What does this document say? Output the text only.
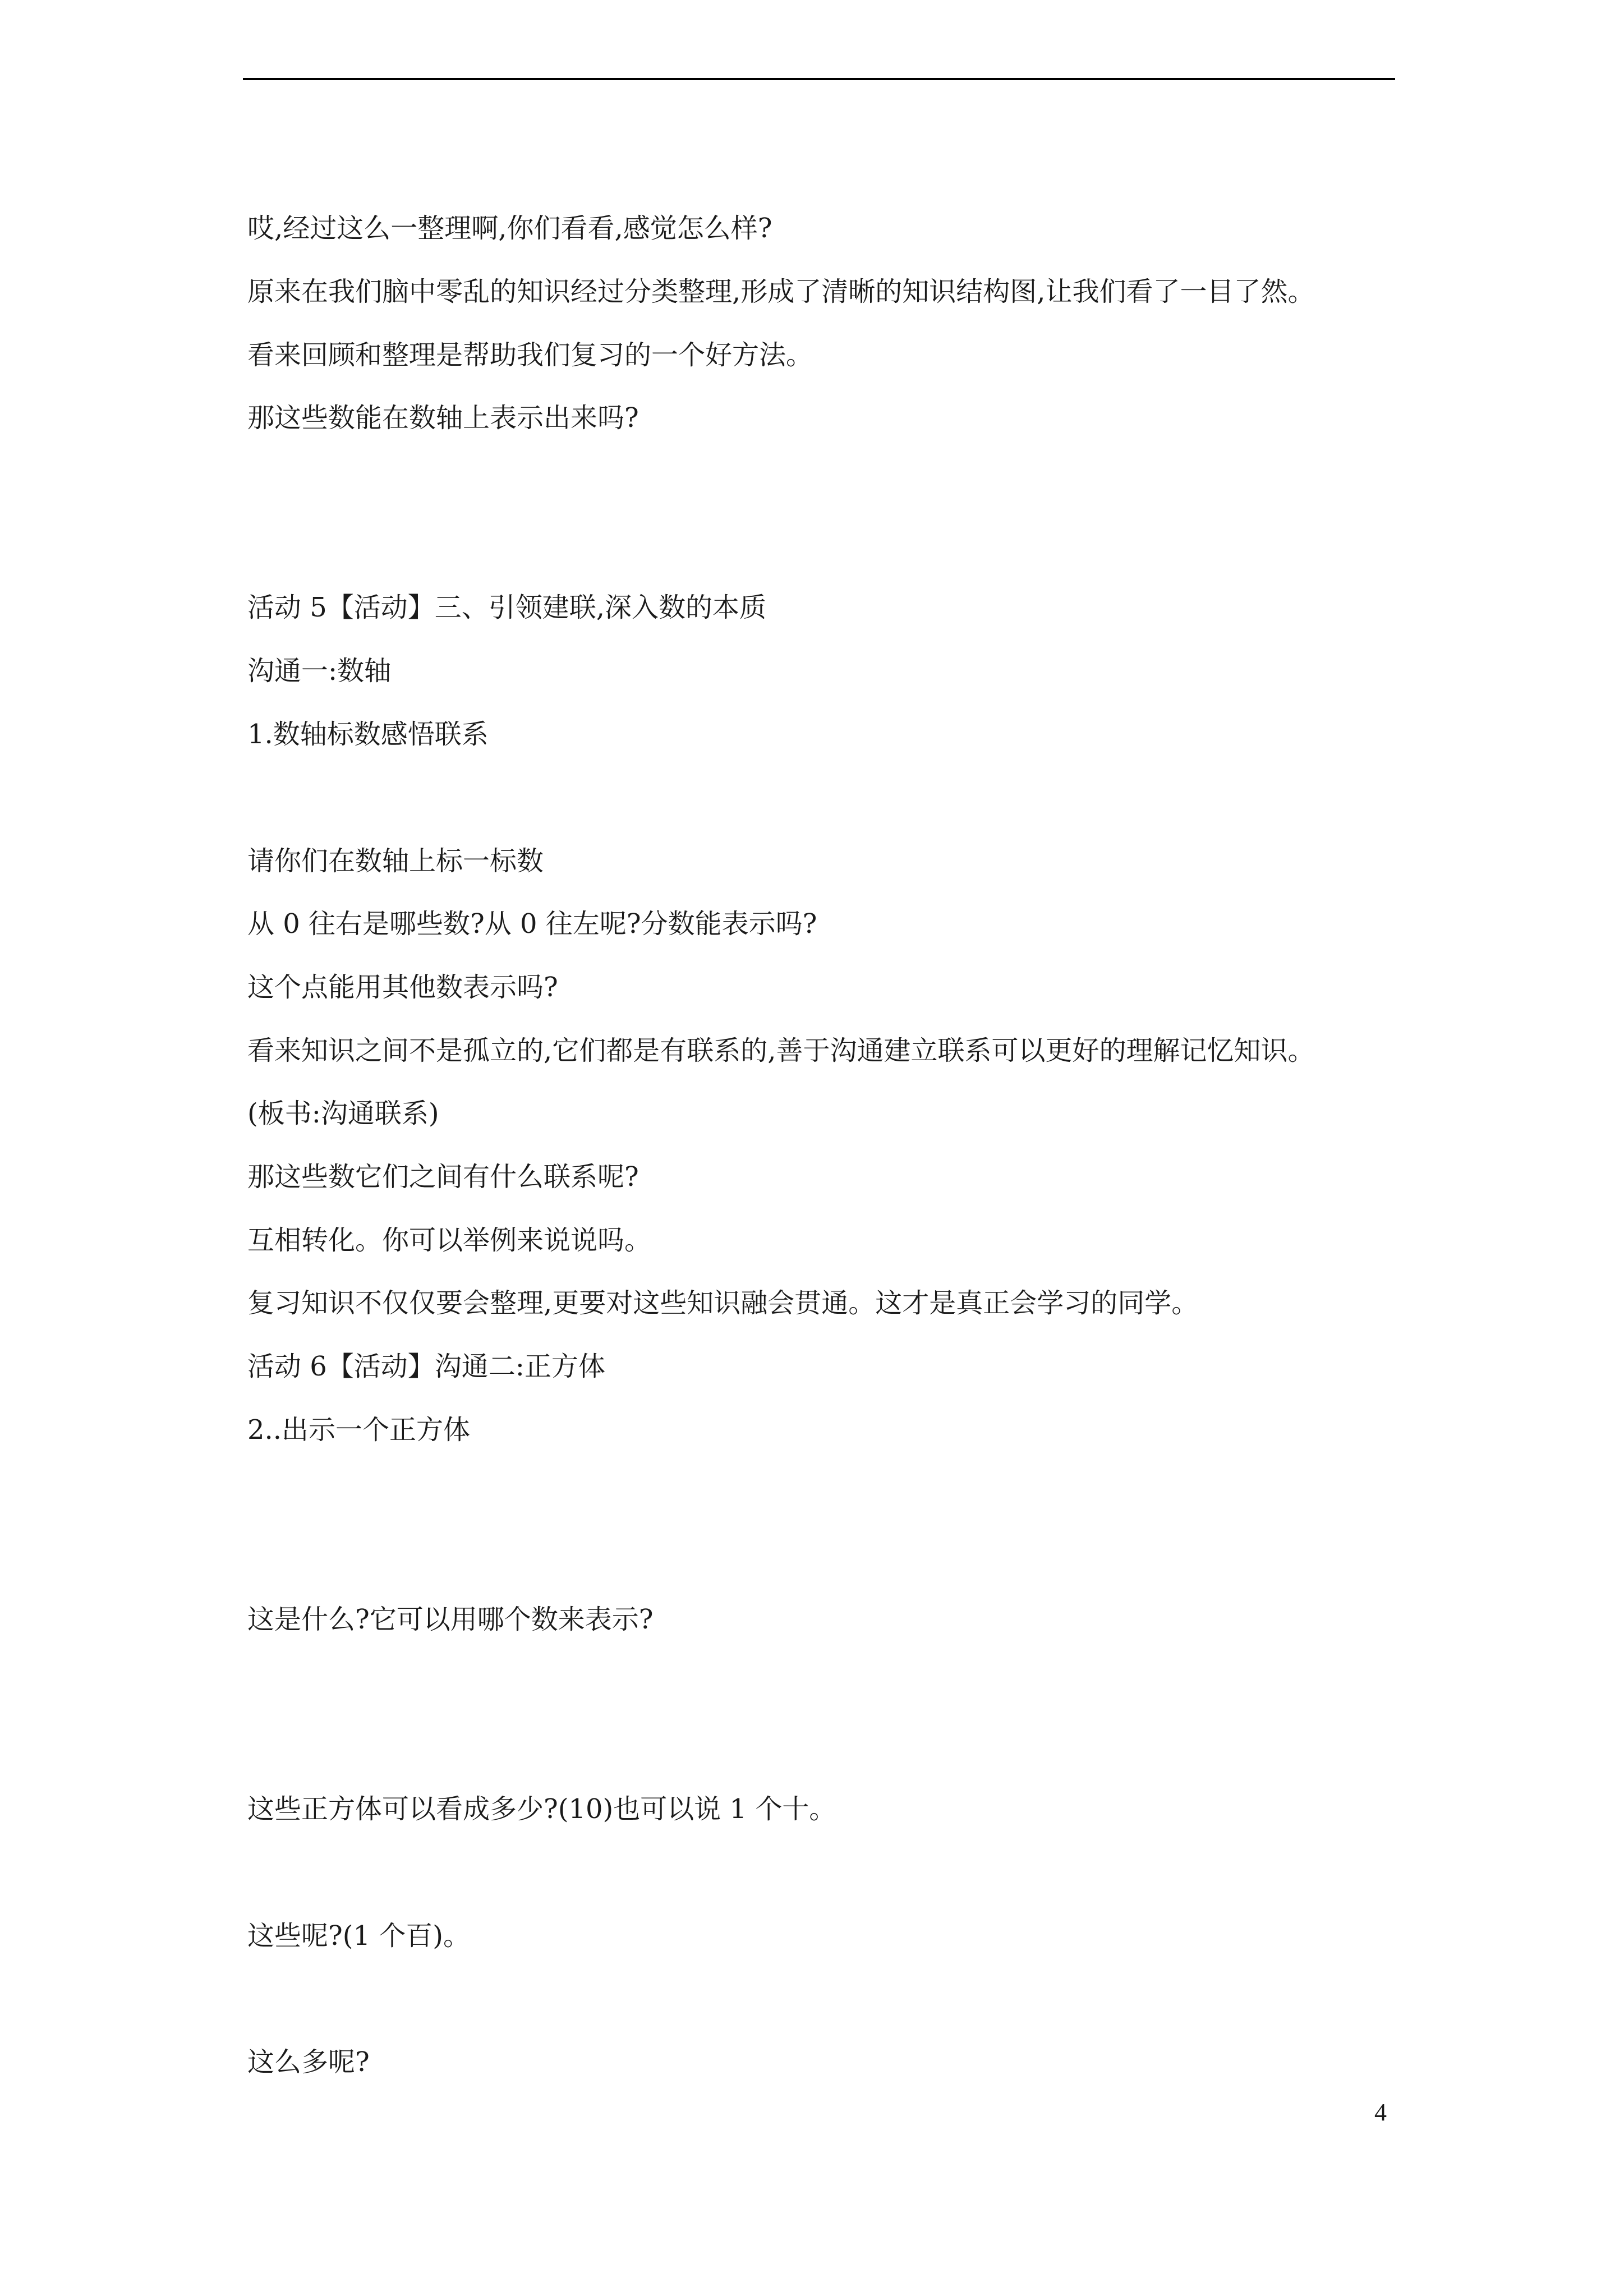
哎,经过这么一整理啊,你们看看,感觉怎么样?

原来在我们脑中零乱的知识经过分类整理,形成了清晰的知识结构图,让我们看了一目了然。

看来回顾和整理是帮助我们复习的一个好方法。

那这些数能在数轴上表示出来吗?

活动 5【活动】三、引领建联,深入数的本质

沟通一:数轴

1.数轴标数感悟联系

请你们在数轴上标一标数

从 0 往右是哪些数?从 0 往左呢?分数能表示吗?

这个点能用其他数表示吗?

看来知识之间不是孤立的,它们都是有联系的,善于沟通建立联系可以更好的理解记忆知识。

(板书:沟通联系)

那这些数它们之间有什么联系呢?

互相转化。你可以举例来说说吗。

复习知识不仅仅要会整理,更要对这些知识融会贯通。这才是真正会学习的同学。

活动 6【活动】沟通二:正方体

2..出示一个正方体

这是什么?它可以用哪个数来表示?

这些正方体可以看成多少?(10)也可以说 1 个十。

这些呢?(1 个百)。

这么多呢?

4
